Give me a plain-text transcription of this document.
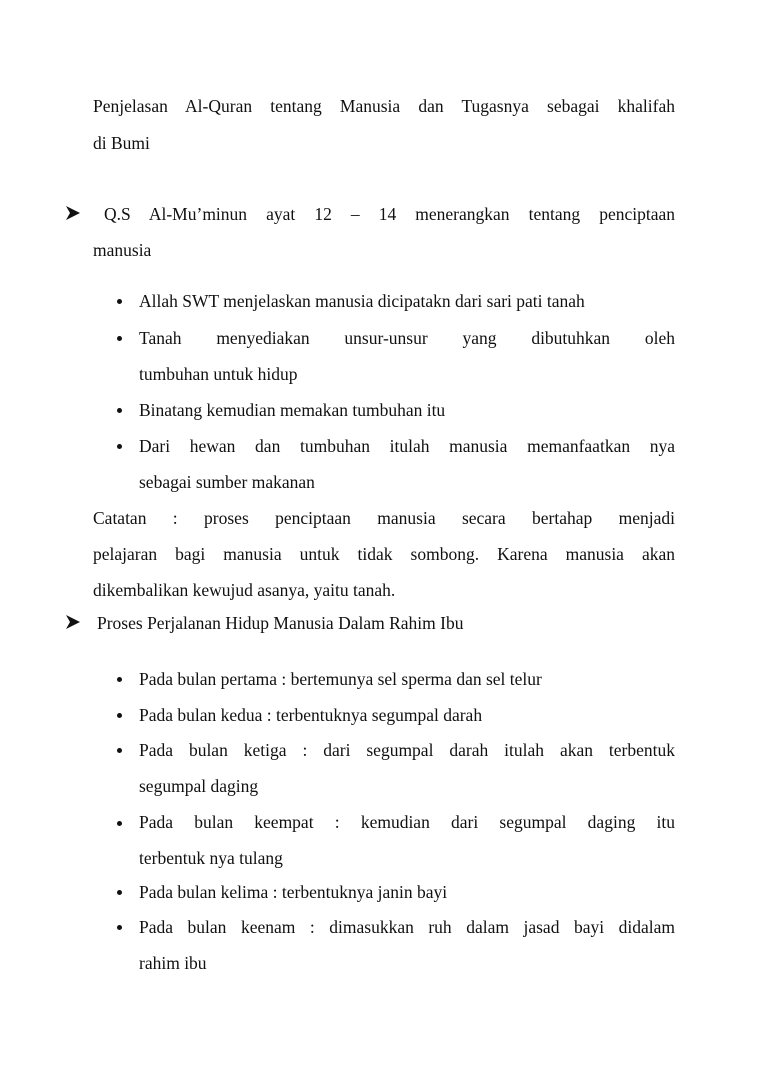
Penjelasan Al-Quran tentang Manusia dan Tugasnya sebagai khalifah
di Bumi
Q.S Al-Mu’minun ayat 12 – 14 menerangkan tentang penciptaan
manusia
Allah SWT menjelaskan manusia dicipatakn dari sari pati tanah
Tanah menyediakan unsur-unsur yang dibutuhkan oleh
tumbuhan untuk hidup
Binatang kemudian memakan tumbuhan itu
Dari hewan dan tumbuhan itulah manusia memanfaatkan nya
sebagai sumber makanan
Catatan : proses penciptaan manusia secara bertahap menjadi
pelajaran bagi manusia untuk tidak sombong. Karena manusia akan
dikembalikan kewujud asanya, yaitu tanah.
Proses Perjalanan Hidup Manusia Dalam Rahim Ibu
Pada bulan pertama : bertemunya sel sperma dan sel telur
Pada bulan kedua : terbentuknya segumpal darah
Pada bulan ketiga : dari segumpal darah itulah akan terbentuk
segumpal daging
Pada bulan keempat : kemudian dari segumpal daging itu
terbentuk nya tulang
Pada bulan kelima : terbentuknya janin bayi
Pada bulan keenam : dimasukkan ruh dalam jasad bayi didalam
rahim ibu
